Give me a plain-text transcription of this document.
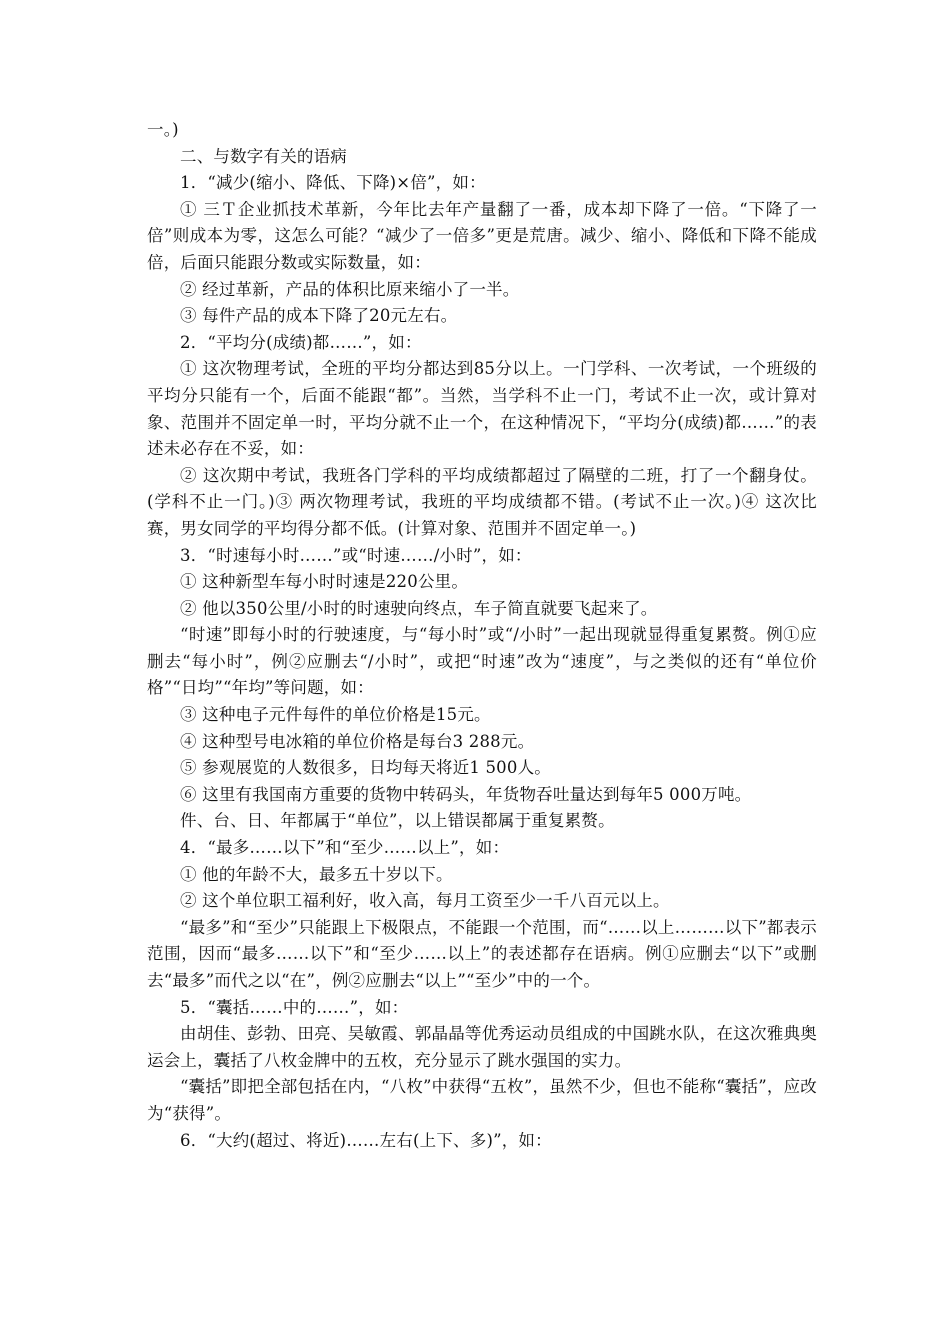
一。)

二、与数字有关的语病

1．“减少(缩小、降低、下降)×倍”，如：

① 三Ｔ企业抓技术革新，今年比去年产量翻了一番，成本却下降了一倍。“下降了一倍”则成本为零，这怎么可能？“减少了一倍多”更是荒唐。减少、缩小、降低和下降不能成倍，后面只能跟分数或实际数量，如：

② 经过革新，产品的体积比原来缩小了一半。

③ 每件产品的成本下降了20元左右。

2．“平均分(成绩)都……”，如：

① 这次物理考试，全班的平均分都达到85分以上。一门学科、一次考试，一个班级的平均分只能有一个，后面不能跟“都”。当然，当学科不止一门，考试不止一次，或计算对象、范围并不固定单一时，平均分就不止一个，在这种情况下，“平均分(成绩)都……”的表述未必存在不妥，如：

② 这次期中考试，我班各门学科的平均成绩都超过了隔壁的二班，打了一个翻身仗。(学科不止一门。)③ 两次物理考试，我班的平均成绩都不错。(考试不止一次。)④ 这次比赛，男女同学的平均得分都不低。(计算对象、范围并不固定单一。)

3．“时速每小时……”或“时速……/小时”，如：

① 这种新型车每小时时速是220公里。

② 他以350公里/小时的时速驶向终点，车子简直就要飞起来了。

“时速”即每小时的行驶速度，与“每小时”或“/小时”一起出现就显得重复累赘。例①应删去“每小时”，例②应删去“/小时”，或把“时速”改为“速度”，与之类似的还有“单位价格”“日均”“年均”等问题，如：

③ 这种电子元件每件的单位价格是15元。

④ 这种型号电冰箱的单位价格是每台3 288元。

⑤ 参观展览的人数很多，日均每天将近1 500人。

⑥ 这里有我国南方重要的货物中转码头，年货物吞吐量达到每年5 000万吨。

件、台、日、年都属于“单位”，以上错误都属于重复累赘。

4．“最多……以下”和“至少……以上”，如：

① 他的年龄不大，最多五十岁以下。

② 这个单位职工福利好，收入高，每月工资至少一千八百元以上。

“最多”和“至少”只能跟上下极限点，不能跟一个范围，而“……以上………以下”都表示范围，因而“最多……以下”和“至少……以上”的表述都存在语病。例①应删去“以下”或删去“最多”而代之以“在”，例②应删去“以上”“至少”中的一个。

5．“囊括……中的……”，如：

由胡佳、彭勃、田亮、吴敏霞、郭晶晶等优秀运动员组成的中国跳水队，在这次雅典奥运会上，囊括了八枚金牌中的五枚，充分显示了跳水强国的实力。

“囊括”即把全部包括在内，“八枚”中获得“五枚”，虽然不少，但也不能称“囊括”，应改为“获得”。

6．“大约(超过、将近)……左右(上下、多)”，如：
